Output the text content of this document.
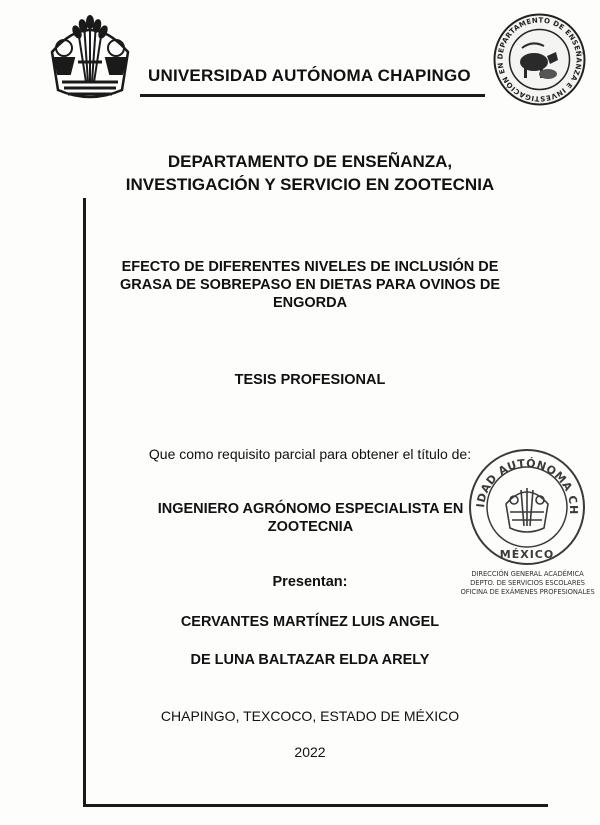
UNIVERSIDAD AUTÓNOMA CHAPINGO
DEPARTAMENTO DE ENSEÑANZA E INVESTIGACIÓN EN ZOOTECNIA
DEPARTAMENTO DE ENSEÑANZA,
INVESTIGACIÓN Y SERVICIO EN ZOOTECNIA
EFECTO DE DIFERENTES NIVELES DE INCLUSIÓN DE
GRASA DE SOBREPASO EN DIETAS PARA OVINOS DE
ENGORDA
TESIS PROFESIONAL
Que como requisito parcial para obtener el título de:
INGENIERO AGRÓNOMO ESPECIALISTA EN
ZOOTECNIA
UNIVERSIDAD AUTÓNOMA CHAPINGO
MÉXICO
DIRECCIÓN GENERAL ACADÉMICA
DEPTO. DE SERVICIOS ESCOLARES
OFICINA DE EXÁMENES PROFESIONALES
Presentan:
CERVANTES MARTÍNEZ LUIS ANGEL
DE LUNA BALTAZAR ELDA ARELY
CHAPINGO, TEXCOCO, ESTADO DE MÉXICO
2022
